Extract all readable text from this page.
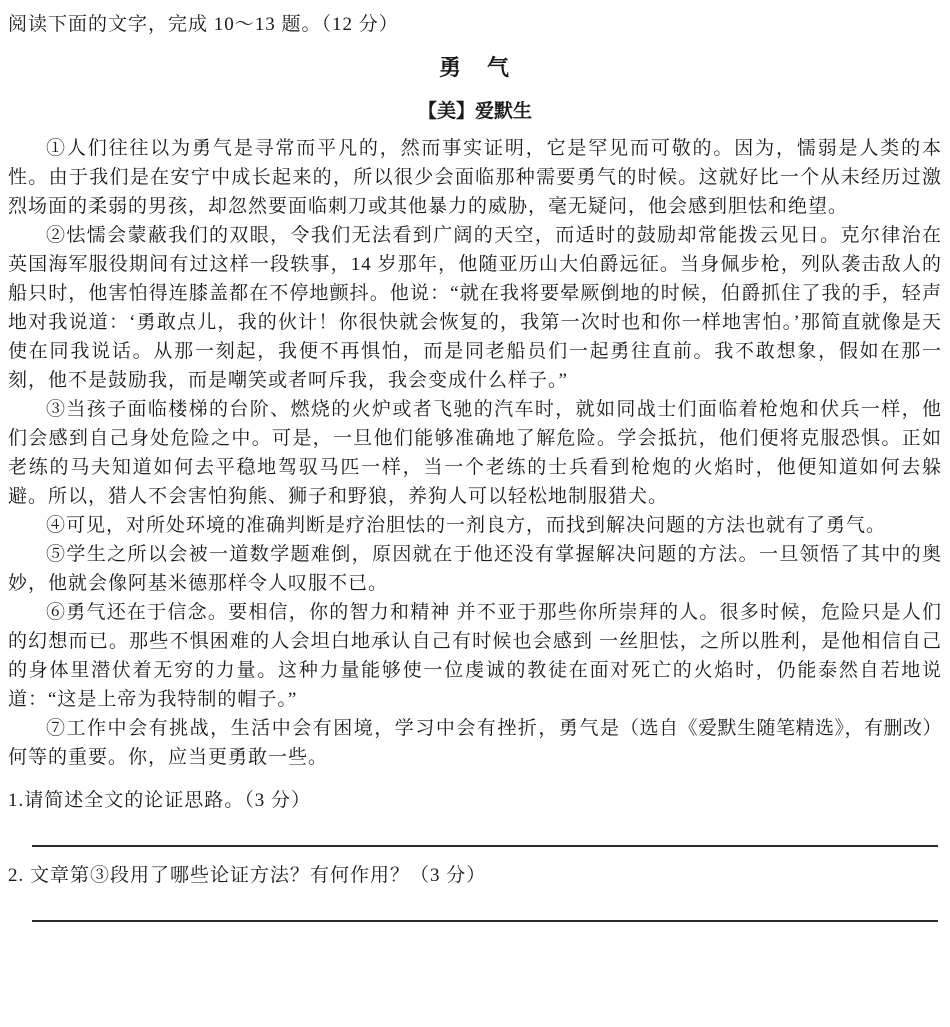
阅读下面的文字，完成 10～13 题。（12 分）

勇　气

【美】爱默生

①人们往往以为勇气是寻常而平凡的，然而事实证明，它是罕见而可敬的。因为，懦弱是人类的本性。由于我们是在安宁中成长起来的，所以很少会面临那种需要勇气的时候。这就好比一个从未经历过激烈场面的柔弱的男孩，却忽然要面临刺刀或其他暴力的威胁，毫无疑问，他会感到胆怯和绝望。

②怯懦会蒙蔽我们的双眼，令我们无法看到广阔的天空，而适时的鼓励却常能拨云见日。克尔律治在英国海军服役期间有过这样一段轶事，14 岁那年，他随亚历山大伯爵远征。当身佩步枪，列队袭击敌人的船只时，他害怕得连膝盖都在不停地颤抖。他说：“就在我将要晕厥倒地的时候，伯爵抓住了我的手，轻声地对我说道：‘勇敢点儿，我的伙计！你很快就会恢复的，我第一次时也和你一样地害怕。’那简直就像是天使在同我说话。从那一刻起，我便不再惧怕，而是同老船员们一起勇往直前。我不敢想象，假如在那一刻，他不是鼓励我，而是嘲笑或者呵斥我，我会变成什么样子。”

③当孩子面临楼梯的台阶、燃烧的火炉或者飞驰的汽车时，就如同战士们面临着枪炮和伏兵一样，他们会感到自己身处危险之中。可是，一旦他们能够准确地了解危险。学会抵抗，他们便将克服恐惧。正如老练的马夫知道如何去平稳地驾驭马匹一样，当一个老练的士兵看到枪炮的火焰时，他便知道如何去躲避。所以，猎人不会害怕狗熊、狮子和野狼，养狗人可以轻松地制服猎犬。

④可见，对所处环境的准确判断是疗治胆怯的一剂良方，而找到解决问题的方法也就有了勇气。

⑤学生之所以会被一道数学题难倒，原因就在于他还没有掌握解决问题的方法。一旦领悟了其中的奥妙，他就会像阿基米德那样令人叹服不已。

⑥勇气还在于信念。要相信，你的智力和精神 并不亚于那些你所崇拜的人。很多时候，危险只是人们的幻想而已。那些不惧困难的人会坦白地承认自己有时候也会感到 一丝胆怯，之所以胜利，是他相信自己的身体里潜伏着无穷的力量。这种力量能够使一位虔诚的教徒在面对死亡的火焰时，仍能泰然自若地说道：“这是上帝为我特制的帽子。”

（选自《爱默生随笔精选》，有删改）
⑦工作中会有挑战，生活中会有困境，学习中会有挫折，勇气是何等的重要。你，应当更勇敢一些。

1.请简述全文的论证思路。（3 分）

2. 文章第③段用了哪些论证方法？有何作用？（3 分）
